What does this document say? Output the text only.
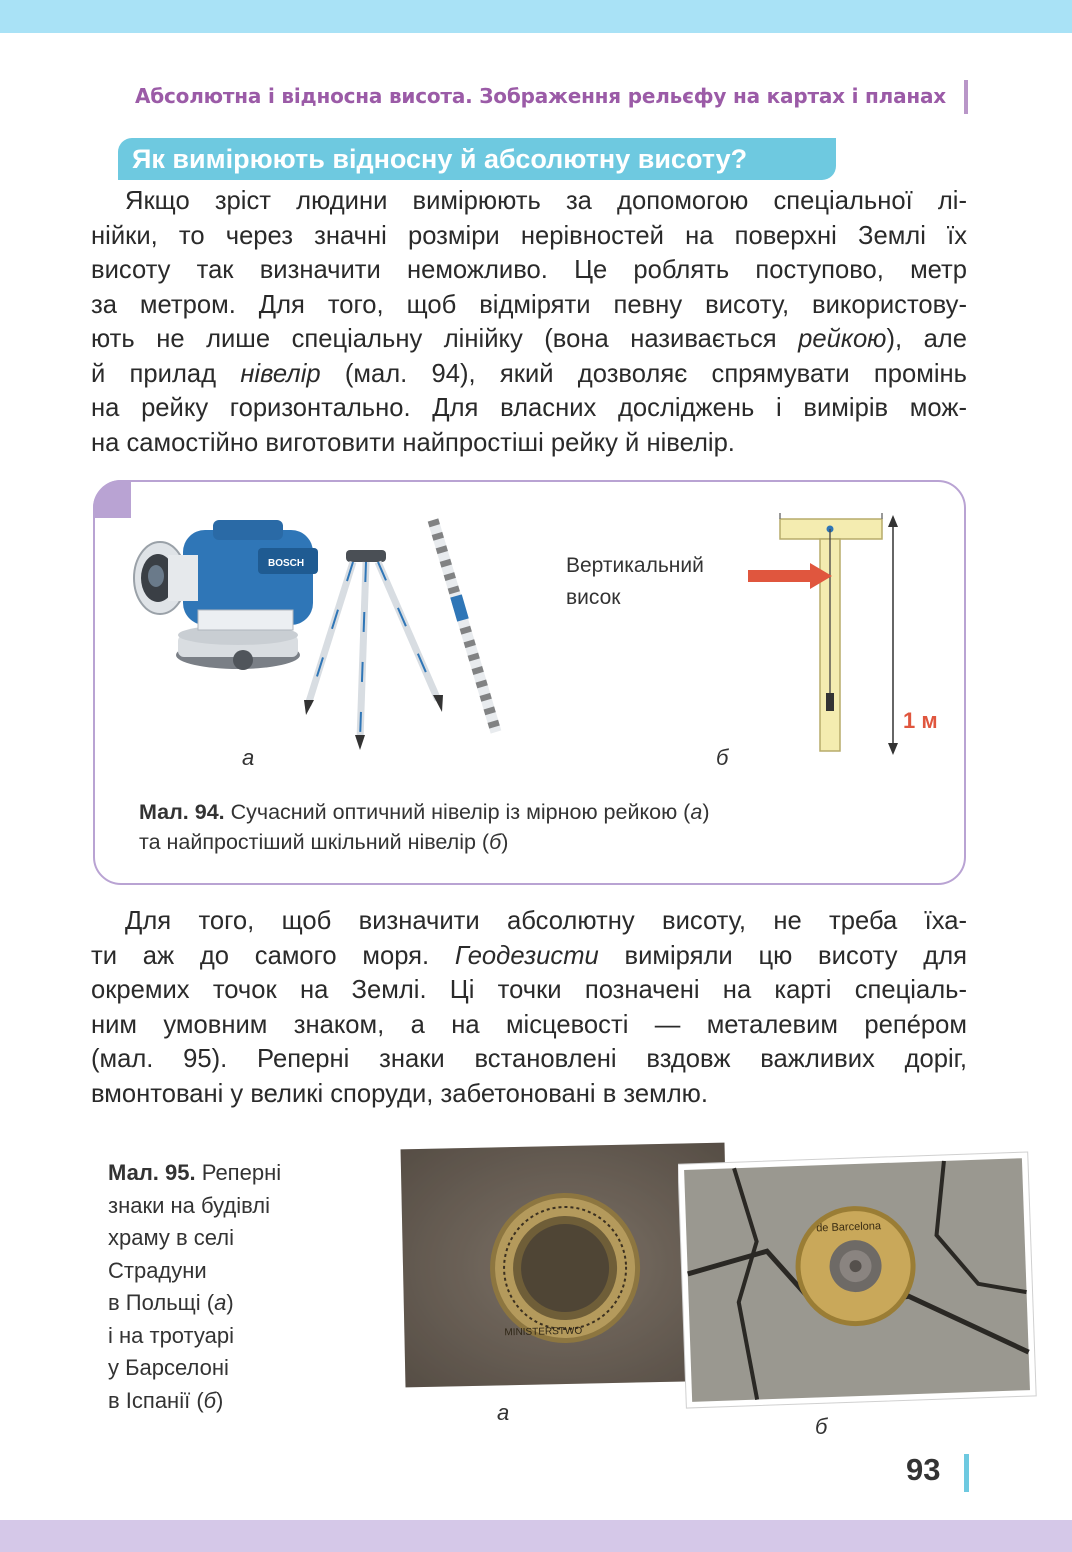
Абсолютна і відносна висота. Зображення рельєфу на картах і планах
Як вимірюють відносну й абсолютну висоту?
Якщо зріст людини вимірюють за допомогою спеціальної лі-
нійки, то через значні розміри нерівностей на поверхні Землі їх
висоту так визначити неможливо. Це роблять поступово, метр
за метром. Для того, щоб відміряти певну висоту, використову-
ють не лише спеціальну лінійку (вона називається рейкою), але
й прилад нівелір (мал. 94), який дозволяє спрямувати промінь
на рейку горизонтально. Для власних досліджень і вимірів мож-
на самостійно виготовити найпростіші рейку й нівелір.
BOSCH	Вертикальний
висок
1 м
а	б
Мал. 94. Сучасний оптичний нівелір із мірною рейкою (а)
та найпростіший шкільний нівелір (б)
Для того, щоб визначити абсолютну висоту, не треба їха-
ти аж до самого моря. Геодезисти виміряли цю висоту для
окремих точок на Землі. Ці точки позначені на карті спеціаль-
ним умовним знаком, а на місцевості — металевим репе́ром
(мал. 95). Реперні знаки встановлені вздовж важливих доріг,
вмонтовані у великі споруди, забетоновані в землю.
Мал. 95. Реперні
знаки на будівлі
храму в селі
Страдуни
в Польщі (а)
і на тротуарі
у Барселоні
в Іспанії (б)
MINISTERSTWO
de Barcelona
а
б
93
